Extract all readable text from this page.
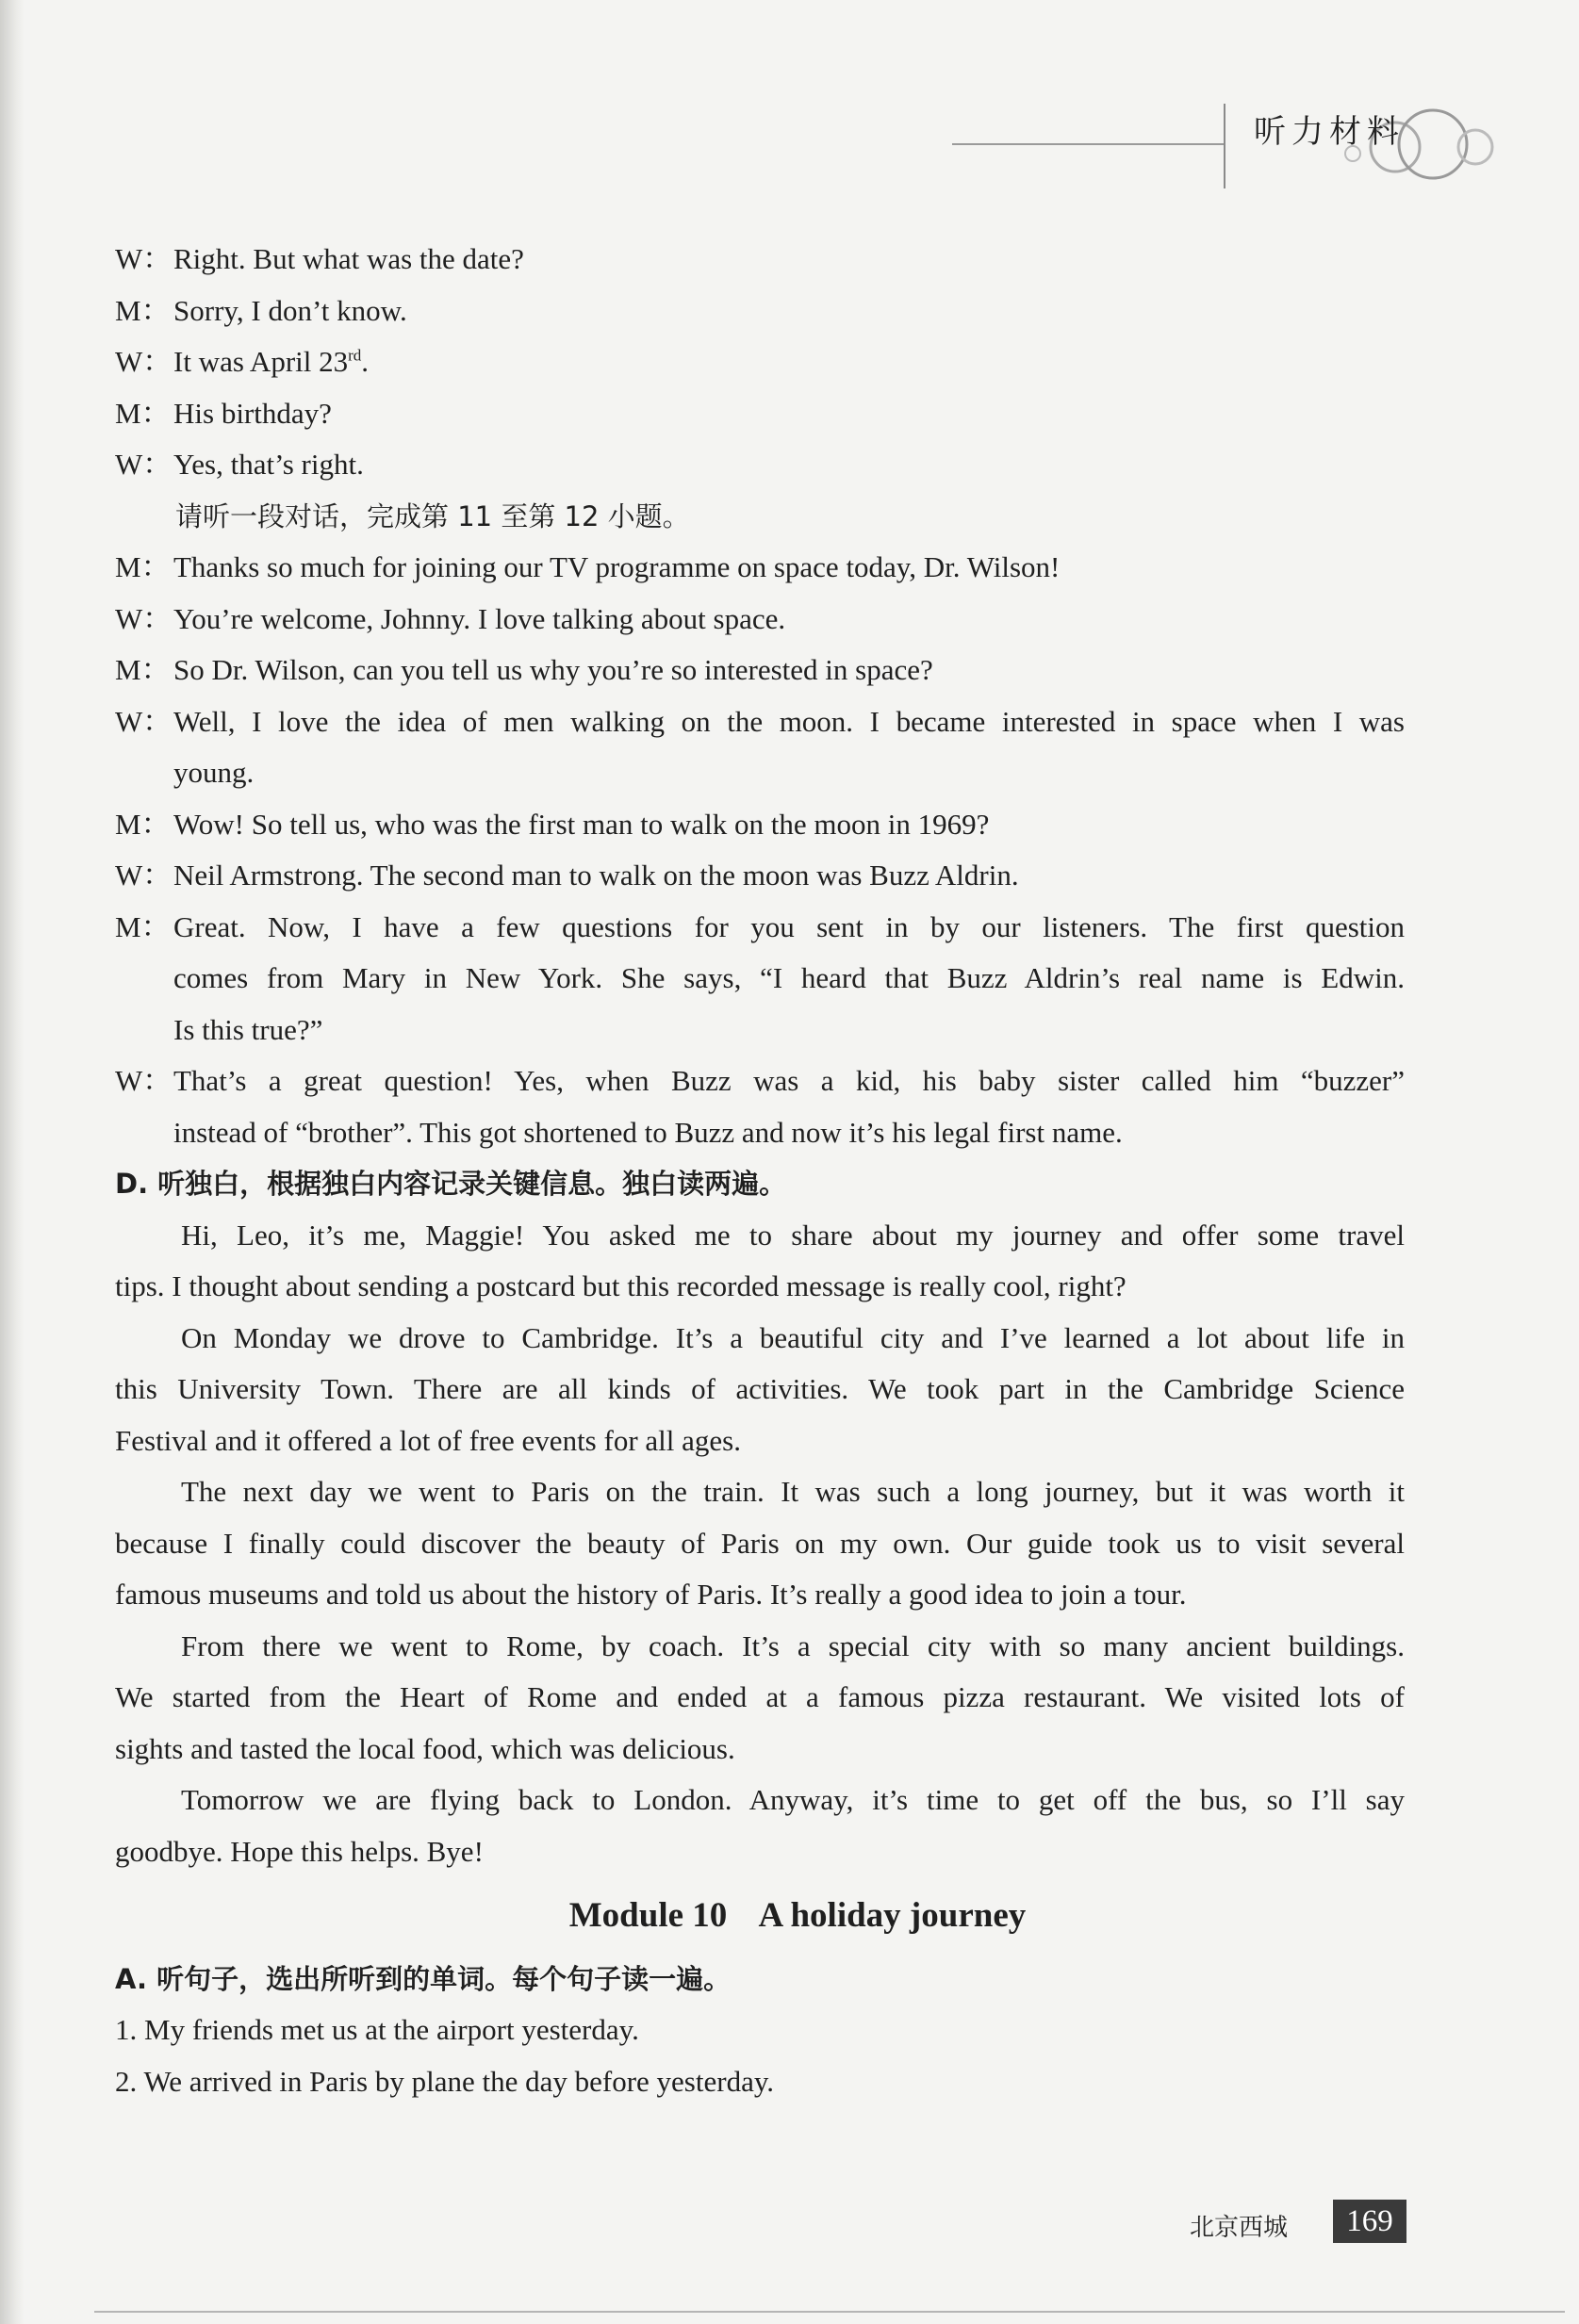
听力材料
W： Right. But what was the date?
M： Sorry, I don’t know.
W： It was April 23rd.
M： His birthday?
W： Yes, that’s right.
请听一段对话，完成第 11 至第 12 小题。
M： Thanks so much for joining our TV programme on space today, Dr. Wilson!
W： You’re welcome, Johnny. I love talking about space.
M： So Dr. Wilson, can you tell us why you’re so interested in space?
W： Well, I love the idea of men walking on the moon. I became interested in space when I was
young.
M： Wow! So tell us, who was the first man to walk on the moon in 1969?
W： Neil Armstrong. The second man to walk on the moon was Buzz Aldrin.
M： Great. Now, I have a few questions for you sent in by our listeners. The first question
comes from Mary in New York. She says, “I heard that Buzz Aldrin’s real name is Edwin.
Is this true?”
W： That’s a great question! Yes, when Buzz was a kid, his baby sister called him “buzzer”
instead of “brother”. This got shortened to Buzz and now it’s his legal first name.
D. 听独白，根据独白内容记录关键信息。独白读两遍。
Hi, Leo, it’s me, Maggie! You asked me to share about my journey and offer some travel
tips. I thought about sending a postcard but this recorded message is really cool, right?
On Monday we drove to Cambridge. It’s a beautiful city and I’ve learned a lot about life in
this University Town. There are all kinds of activities. We took part in the Cambridge Science
Festival and it offered a lot of free events for all ages.
The next day we went to Paris on the train. It was such a long journey, but it was worth it
because I finally could discover the beauty of Paris on my own. Our guide took us to visit several
famous museums and told us about the history of Paris. It’s really a good idea to join a tour.
From there we went to Rome, by coach. It’s a special city with so many ancient buildings.
We started from the Heart of Rome and ended at a famous pizza restaurant. We visited lots of
sights and tasted the local food, which was delicious.
Tomorrow we are flying back to London. Anyway, it’s time to get off the bus, so I’ll say
goodbye. Hope this helps. Bye!
Module 10 A holiday journey
A. 听句子，选出所听到的单词。每个句子读一遍。
1. My friends met us at the airport yesterday.
2. We arrived in Paris by plane the day before yesterday.
北京西城	169
